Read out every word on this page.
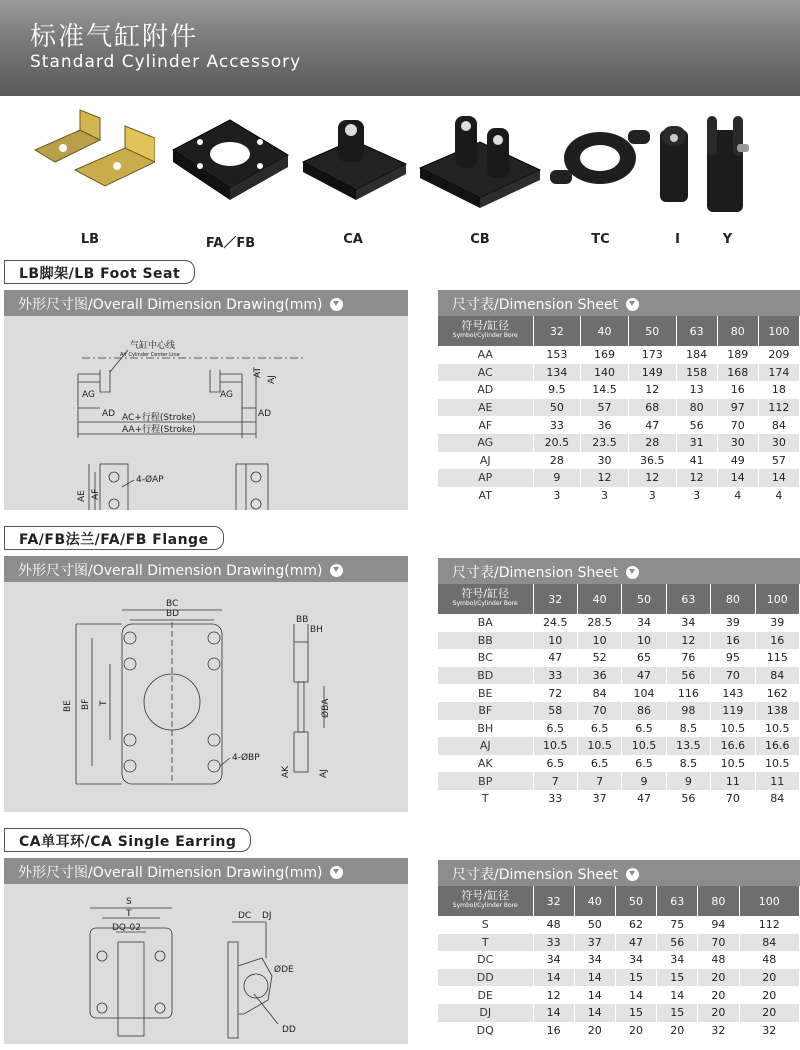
标准气缸附件
Standard Cylinder Accessory
LB	FA／FB	CA	CB	TC	I	Y
LB脚架/LB Foot Seat
外形尺寸图/Overall Dimension Drawing(mm)
气缸中心线
Air Cylinder Center Line
AG	AG
AD	AD
AT
AJ
AC+行程(Stroke)
AA+行程(Stroke)
AE AF
4-ØAP
尺寸表/Dimension Sheet
符号/缸径
Symbol/Cylinder Bore	32	40	50	63	80	100
AA	153	169	173	184	189	209
AC	134	140	149	158	168	174
AD	9.5	14.5	12	13	16	18
AE	50	57	68	80	97	112
AF	33	36	47	56	70	84
AG	20.5	23.5	28	31	30	30
AJ	28	30	36.5	41	49	57
AP	9	12	12	12	14	14
AT	3	3	3	3	4	4
FA/FB法兰/FA/FB Flange
外形尺寸图/Overall Dimension Drawing(mm)
BC
BD
BE BF T
4-ØBP
BB
BH
ØBA
AK	AJ
尺寸表/Dimension Sheet
符号/缸径
Symbol/Cylinder Bore	32	40	50	63	80	100
BA	24.5	28.5	34	34	39	39
BB	10	10	10	12	16	16
BC	47	52	65	76	95	115
BD	33	36	47	56	70	84
BE	72	84	104	116	143	162
BF	58	70	86	98	119	138
BH	6.5	6.5	6.5	8.5	10.5	10.5
AJ	10.5	10.5	10.5	13.5	16.6	16.6
AK	6.5	6.5	6.5	8.5	10.5	10.5
BP	7	7	9	9	11	11
T	33	37	47	56	70	84
CA单耳环/CA Single Earring
外形尺寸图/Overall Dimension Drawing(mm)
S
T
DQ-02
DC DJ
ØDE
DD
尺寸表/Dimension Sheet
符号/缸径
Symbol/Cylinder Bore	32	40	50	63	80	100
S	48	50	62	75	94	112
T	33	37	47	56	70	84
DC	34	34	34	34	48	48
DD	14	14	15	15	20	20
DE	12	14	14	14	20	20
DJ	14	14	15	15	20	20
DQ	16	20	20	20	32	32
